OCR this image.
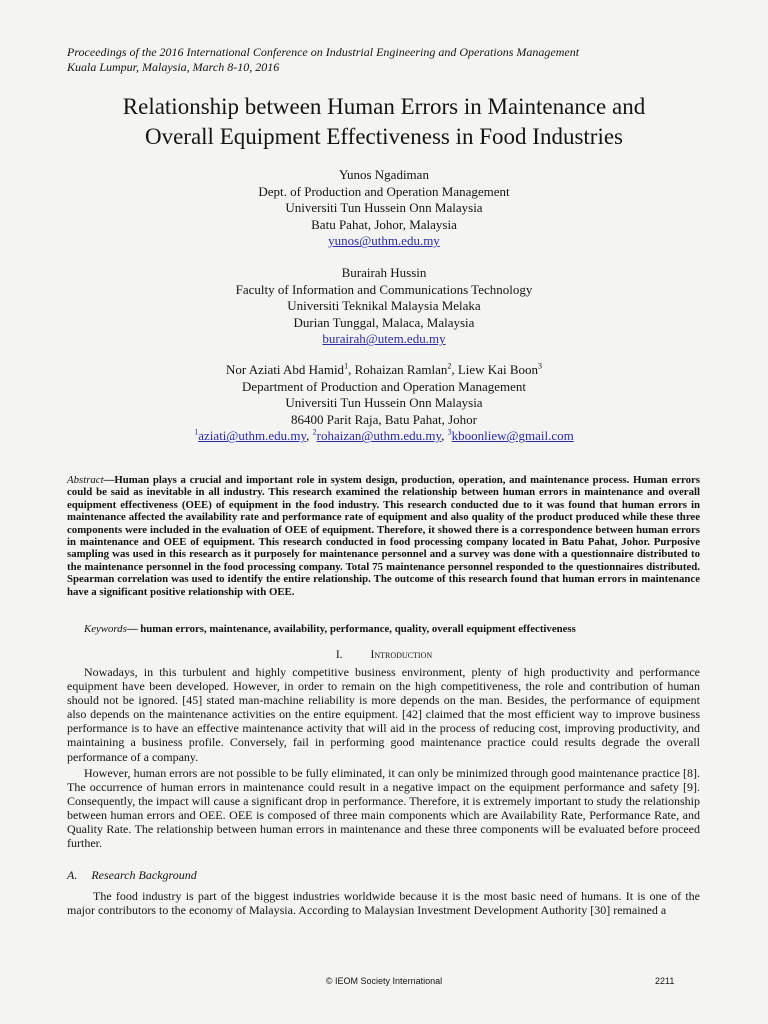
Proceedings of the 2016 International Conference on Industrial Engineering and Operations Management
Kuala Lumpur, Malaysia, March 8-10, 2016
Relationship between Human Errors in Maintenance and
Overall Equipment Effectiveness in Food Industries
Yunos Ngadiman
Dept. of Production and Operation Management
Universiti Tun Hussein Onn Malaysia
Batu Pahat, Johor, Malaysia
yunos@uthm.edu.my
Burairah Hussin
Faculty of Information and Communications Technology
Universiti Teknikal Malaysia Melaka
Durian Tunggal, Malaca, Malaysia
burairah@utem.edu.my
Nor Aziati Abd Hamid$^1$, Rohaizan Ramlan$^2$, Liew Kai Boon$^3$
Department of Production and Operation Management
Universiti Tun Hussein Onn Malaysia
86400 Parit Raja, Batu Pahat, Johor
$^1$aziati@uthm.edu.my, $^2$rohaizan@uthm.edu.my, $^3$kboonliew@gmail.com
Abstract—Human plays a crucial and important role in system design, production, operation, and maintenance process. Human errors could be said as inevitable in all industry. This research examined the relationship between human errors in maintenance and overall equipment effectiveness (OEE) of equipment in the food industry. This research conducted due to it was found that human errors in maintenance affected the availability rate and performance rate of equipment and also quality of the product produced while these three components were included in the evaluation of OEE of equipment. Therefore, it showed there is a correspondence between human errors in maintenance and OEE of equipment. This research conducted in food processing company located in Batu Pahat, Johor. Purposive sampling was used in this research as it purposely for maintenance personnel and a survey was done with a questionnaire distributed to the maintenance personnel in the food processing company. Total 75 maintenance personnel responded to the questionnaires distributed. Spearman correlation was used to identify the entire relationship. The outcome of this research found that human errors in maintenance have a significant positive relationship with OEE.
Keywords— human errors, maintenance, availability, performance, quality, overall equipment effectiveness
I. Introduction

Nowadays, in this turbulent and highly competitive business environment, plenty of high productivity and performance equipment have been developed. However, in order to remain on the high competitiveness, the role and contribution of human should not be ignored. [45] stated man-machine reliability is more depends on the man. Besides, the performance of equipment also depends on the maintenance activities on the entire equipment. [42] claimed that the most efficient way to improve business performance is to have an effective maintenance activity that will aid in the process of reducing cost, improving productivity, and maintaining a business profile. Conversely, fail in performing good maintenance practice could results degrade the overall performance of a company.

However, human errors are not possible to be fully eliminated, it can only be minimized through good maintenance practice [8]. The occurrence of human errors in maintenance could result in a negative impact on the equipment performance and safety [9]. Consequently, the impact will cause a significant drop in performance. Therefore, it is extremely important to study the relationship between human errors and OEE. OEE is composed of three main components which are Availability Rate, Performance Rate, and Quality Rate. The relationship between human errors in maintenance and these three components will be evaluated before proceed further.

A. Research Background

The food industry is part of the biggest industries worldwide because it is the most basic need of humans. It is one of the major contributors to the economy of Malaysia. According to Malaysian Investment Development Authority [30] remained a

© IEOM Society International	2211
